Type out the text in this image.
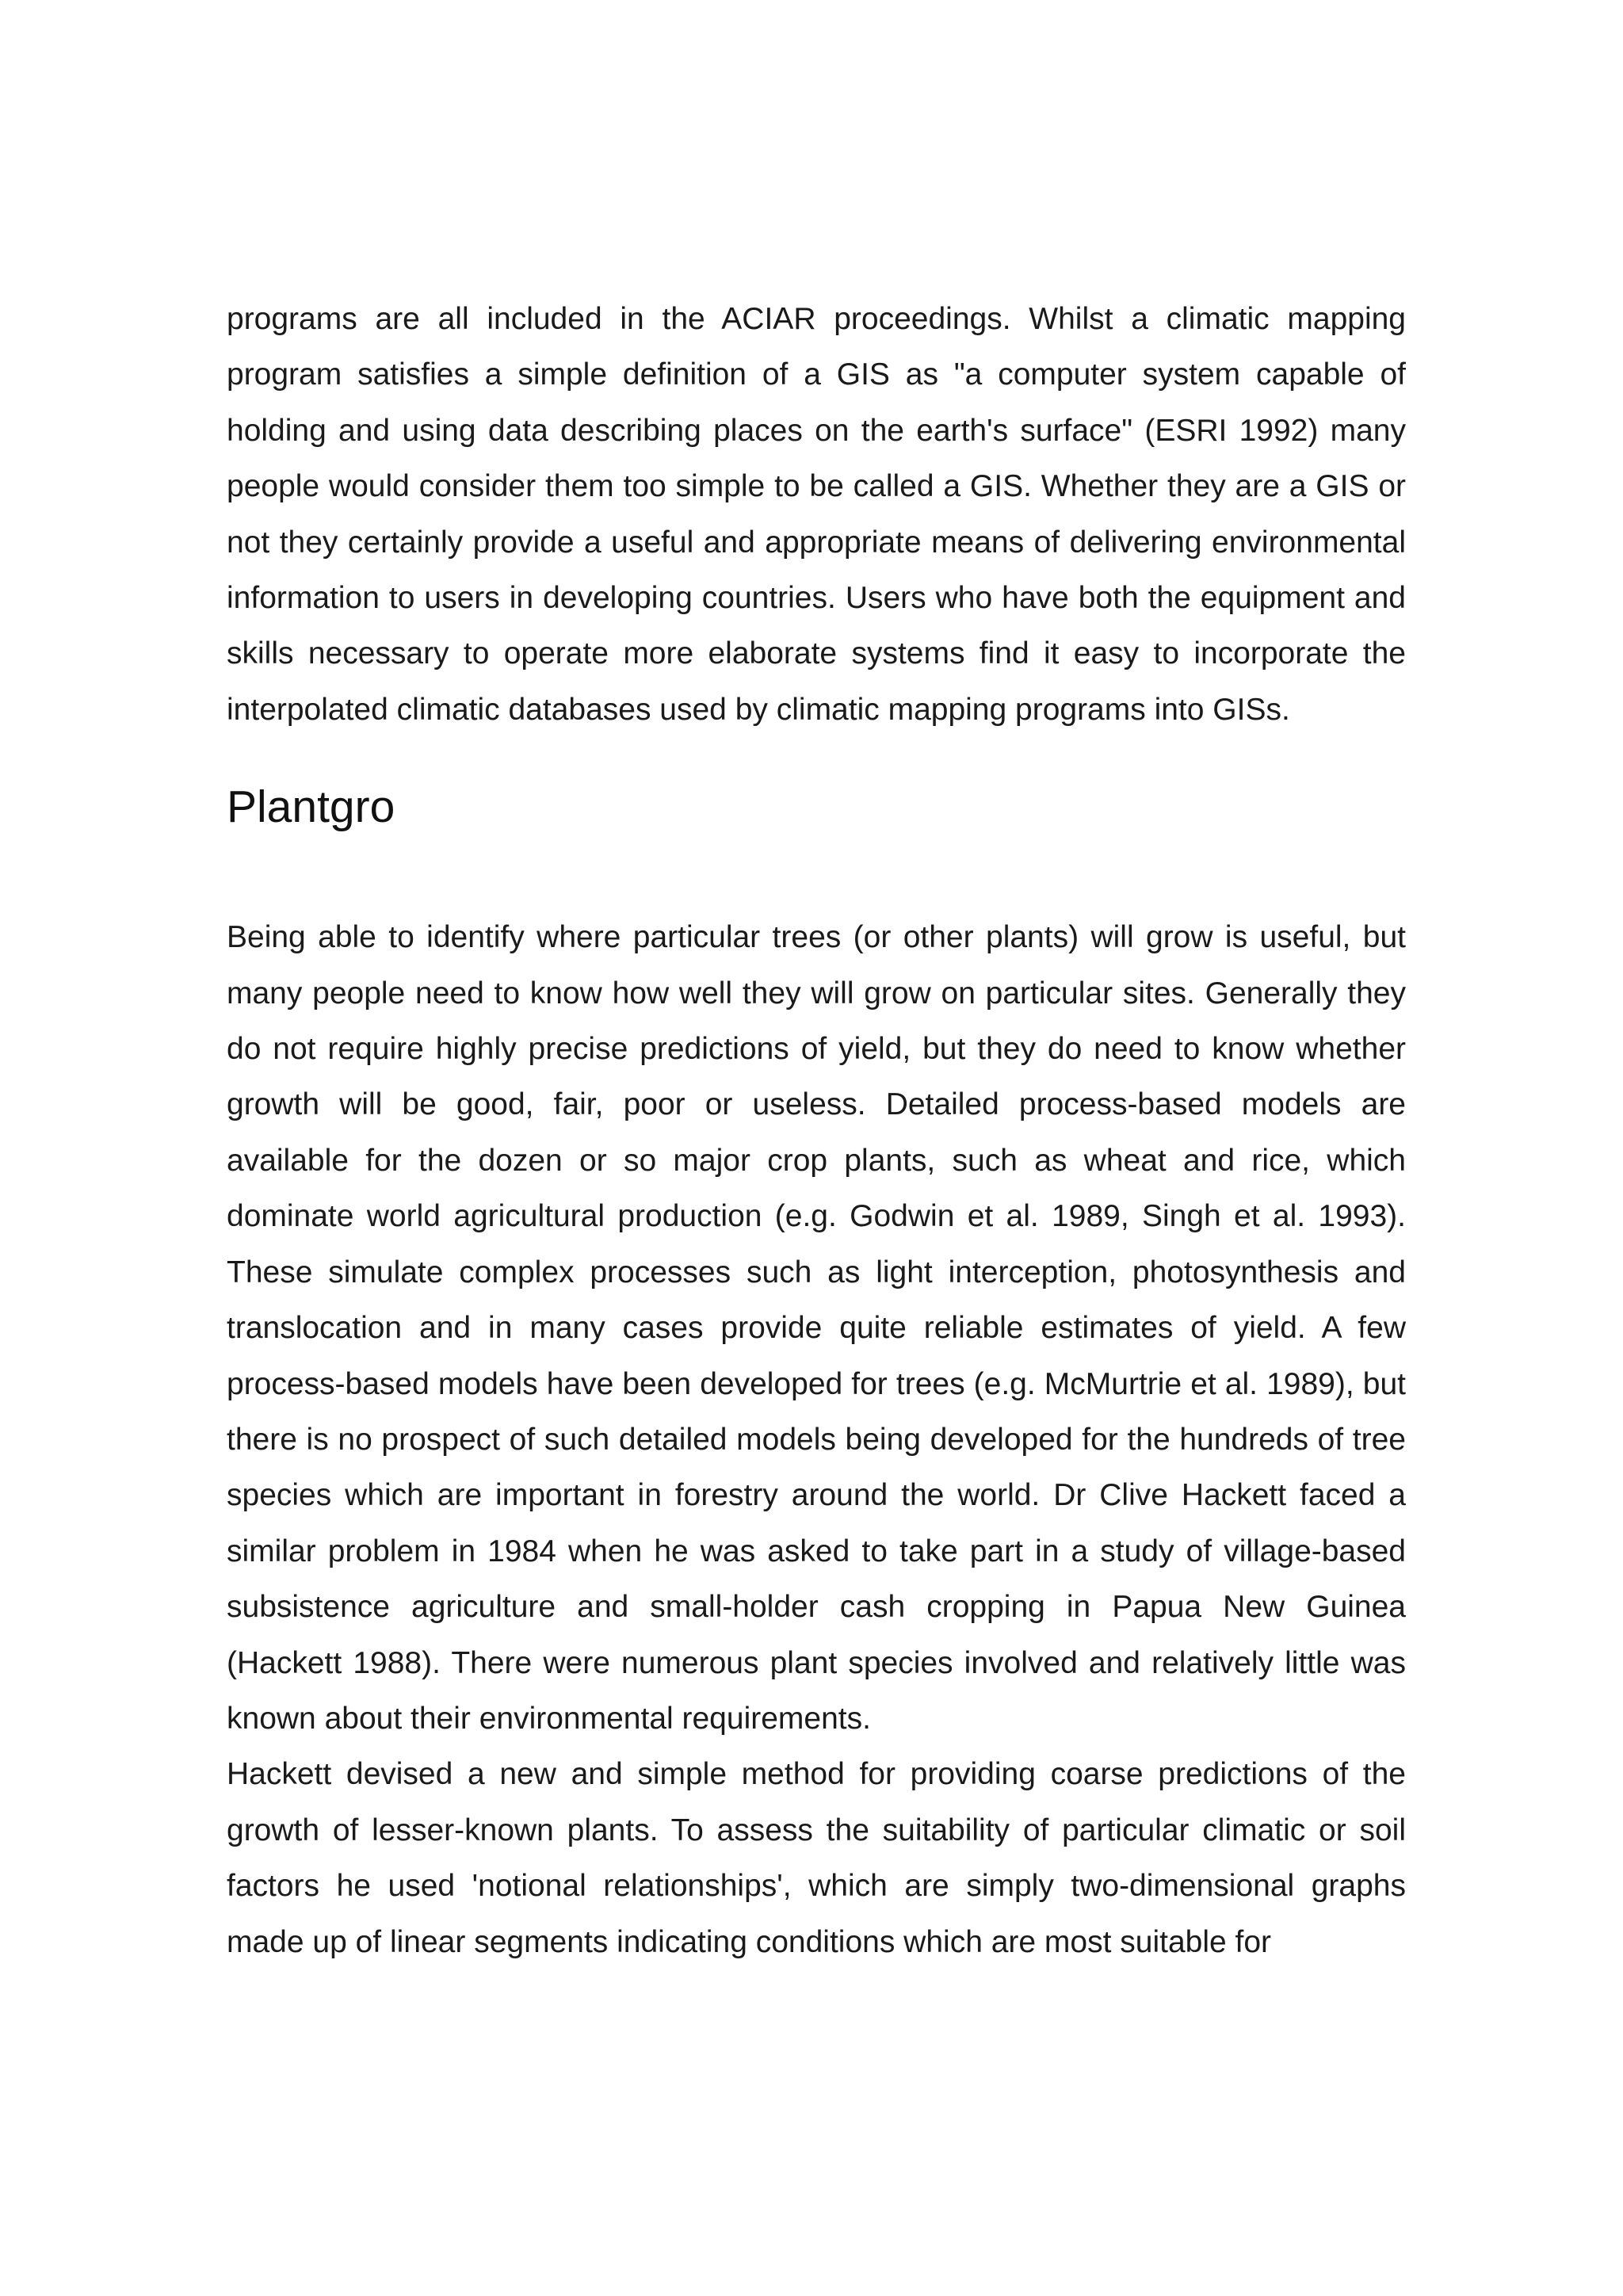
programs are all included in the ACIAR proceedings. Whilst a climatic mapping program satisfies a simple definition of a GIS as "a computer system capable of holding and using data describing places on the earth's surface" (ESRI 1992) many people would consider them too simple to be called a GIS. Whether they are a GIS or not they certainly provide a useful and appropriate means of delivering environmental information to users in developing countries. Users who have both the equipment and skills necessary to operate more elaborate systems find it easy to incorporate the interpolated climatic databases used by climatic mapping programs into GISs.

Plantgro

Being able to identify where particular trees (or other plants) will grow is useful, but many people need to know how well they will grow on particular sites. Generally they do not require highly precise predictions of yield, but they do need to know whether growth will be good, fair, poor or useless. Detailed process-based models are available for the dozen or so major crop plants, such as wheat and rice, which dominate world agricultural production (e.g. Godwin et al. 1989, Singh et al. 1993). These simulate complex processes such as light interception, photosynthesis and translocation and in many cases provide quite reliable estimates of yield. A few process-based models have been developed for trees (e.g. McMurtrie et al. 1989), but there is no prospect of such detailed models being developed for the hundreds of tree species which are important in forestry around the world. Dr Clive Hackett faced a similar problem in 1984 when he was asked to take part in a study of village-based subsistence agriculture and small-holder cash cropping in Papua New Guinea (Hackett 1988). There were numerous plant species involved and relatively little was known about their environmental requirements.

Hackett devised a new and simple method for providing coarse predictions of the growth of lesser-known plants. To assess the suitability of particular climatic or soil factors he used 'notional relationships', which are simply two-dimensional graphs made up of linear segments indicating conditions which are most suitable for
